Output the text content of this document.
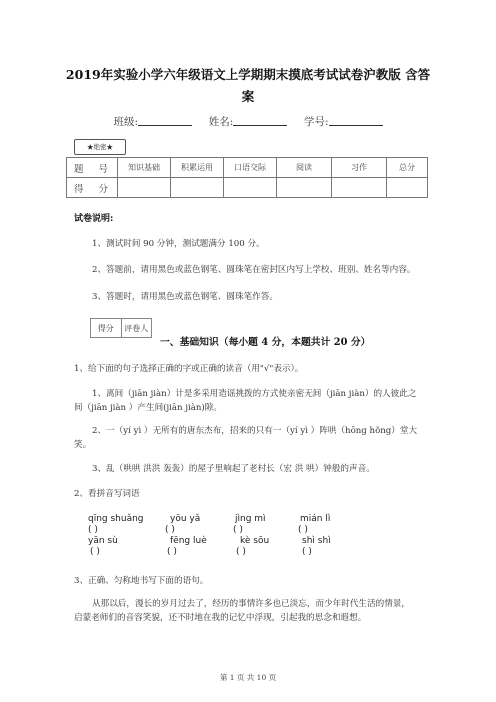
2019年实验小学六年级语文上学期期末摸底考试试卷沪教版 含答
案
班级:	姓名:	学号:
★绝密★
题 号	知识基础	积累运用	口语交际	阅读	习作	总分
得 分						
试卷说明:
1、测试时间 90 分钟，测试题满分 100 分。
2、答题前，请用黑色或蓝色钢笔、圆珠笔在密封区内写上学校、班别、姓名等内容。
3、答题时，请用黑色或蓝色钢笔、圆珠笔作答。
得分	评卷人
一、基础知识（每小题 4 分，本题共计 20 分）
1、给下面的句子选择正确的字或正确的读音（用"√"表示）。
1、离间（jiān jiàn）计是多采用造谣挑拨的方式使亲密无间（jiān jiàn）的人彼此之
间（jiān jiàn ）产生间(jiān jiàn)隙。
2、一（yí yì ）无所有的唐东杰布，招来的只有一（yí yì ）阵哄（hōng hǒng）堂大
笑。
3、乱（哄哄 洪洪 轰轰）的屋子里响起了老村长（宏 洪 哄）钟般的声音。
2、看拼音写词语
qīng shuǎng	yōu yǎ	jìng mì	mián lì
( )	( )	( )	( )
yān sù	fēng luè	kè sōu	shì shì
( )	( )	( )	( )
3、正确、匀称地书写下面的语句。
从那以后，漫长的岁月过去了，经历的事情许多也已淡忘，而少年时代生活的情景，
启蒙老师们的音容笑貌，还不时地在我的记忆中浮现，引起我的思念和遐想。
第 1 页 共 10 页
